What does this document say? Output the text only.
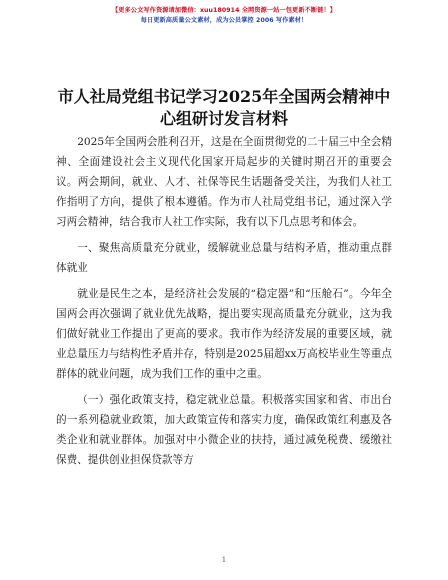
【更多公文写作资源请加微信：xuu180914 全网资源一站一包更新不断链！】
每日更新高质量公文素材，成为公员掌控 2006 写作素材！
市人社局党组书记学习2025年全国两会精神中心组研讨发言材料

2025年全国两会胜利召开，这是在全面贯彻党的二十届三中全会精神、全面建设社会主义现代化国家开局起步的关键时期召开的重要会议。两会期间，就业、人才、社保等民生话题备受关注，为我们人社工作指明了方向，提供了根本遵循。作为市人社局党组书记，通过深入学习两会精神，结合我市人社工作实际，我有以下几点思考和体会。

一、聚焦高质量充分就业，缓解就业总量与结构矛盾，推动重点群体就业

就业是民生之本，是经济社会发展的“稳定器”和“压舱石”。今年全国两会再次强调了就业优先战略，提出要实现高质量充分就业，这为我们做好就业工作提出了更高的要求。我市作为经济发展的重要区域，就业总量压力与结构性矛盾并存，特别是2025届超xx万高校毕业生等重点群体的就业问题，成为我们工作的重中之重。

（一）强化政策支持，稳定就业总量。积极落实国家和省、市出台的一系列稳就业政策，加大政策宣传和落实力度，确保政策红利惠及各类企业和就业群体。加强对中小微企业的扶持，通过减免税费、缓缴社保费、提供创业担保贷款等方

1
